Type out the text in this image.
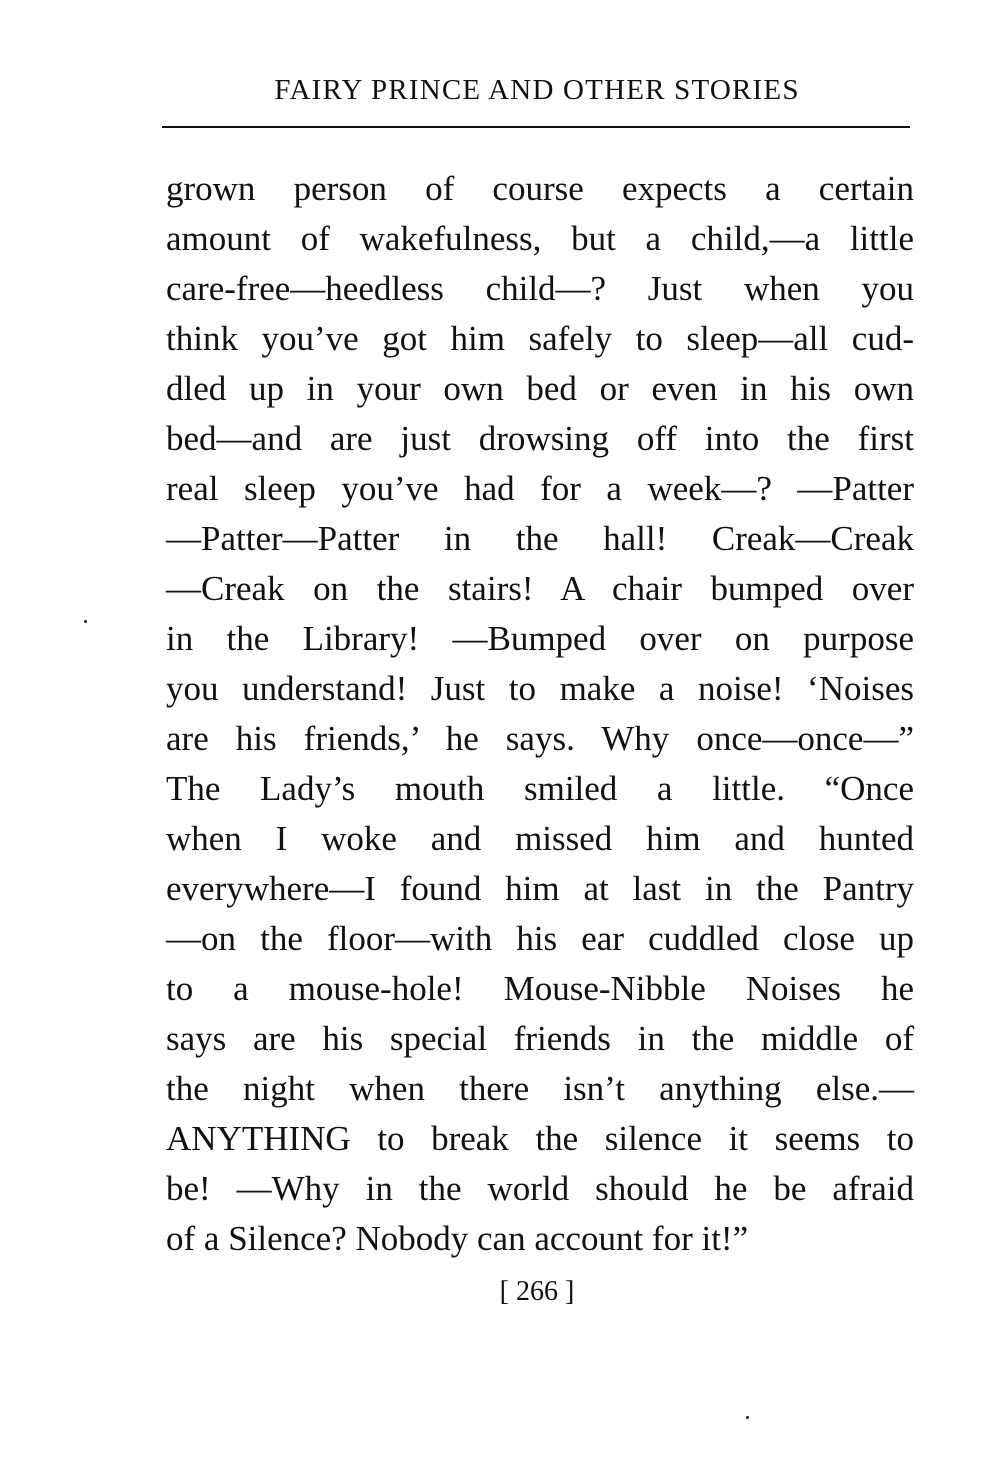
FAIRY PRINCE AND OTHER STORIES
grown person of course expects a certain
amount of wakefulness, but a child,—a little
care-free—heedless child—? Just when you
think you’ve got him safely to sleep—all cud-
dled up in your own bed or even in his own
bed—and are just drowsing off into the first
real sleep you’ve had for a week—? —Patter
—Patter—Patter in the hall! Creak—Creak
—Creak on the stairs! A chair bumped over
in the Library! —Bumped over on purpose
you understand! Just to make a noise! ‘Noises
are his friends,’ he says. Why once—once—”
The Lady’s mouth smiled a little. “Once
when I woke and missed him and hunted
everywhere—I found him at last in the Pantry
—on the floor—with his ear cuddled close up
to a mouse-hole! Mouse-Nibble Noises he
says are his special friends in the middle of
the night when there isn’t anything else.—
ANYTHING to break the silence it seems to
be! —Why in the world should he be afraid
of a Silence? Nobody can account for it!”
[ 266 ]
